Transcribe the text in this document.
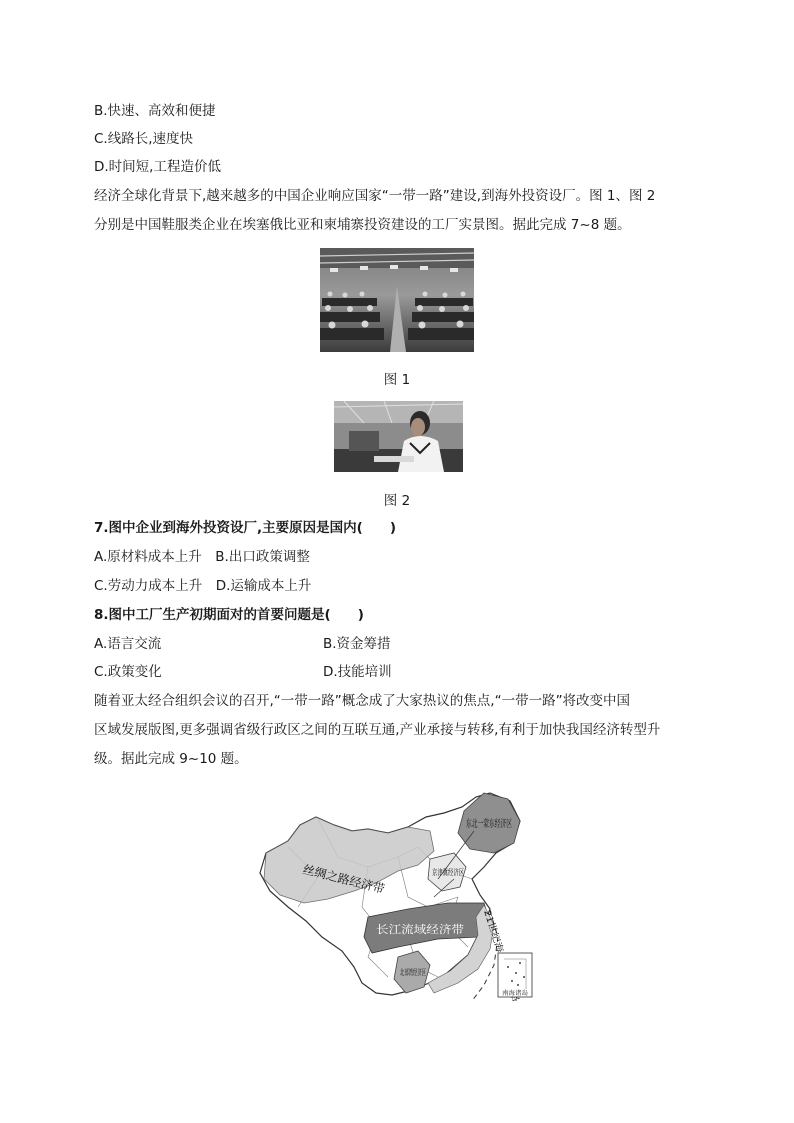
B.快速、高效和便捷
C.线路长,速度快
D.时间短,工程造价低
经济全球化背景下,越来越多的中国企业响应国家“一带一路”建设,到海外投资设厂。图 1、图 2
分别是中国鞋服类企业在埃塞俄比亚和柬埔寨投资建设的工厂实景图。据此完成 7~8 题。
图 1
图 2
7.图中企业到海外投资设厂,主要原因是国内(　　)
A.原材料成本上升　B.出口政策调整
C.劳动力成本上升　D.运输成本上升
8.图中工厂生产初期面对的首要问题是(　　)
A.语言交流	B.资金筹措
C.政策变化	D.技能培训
随着亚太经合组织会议的召开,“一带一路”概念成了大家热议的焦点,“一带一路”将改变中国
区域发展版图,更多强调省级行政区之间的互联互通,产业承接与转移,有利于加快我国经济转型升
级。据此完成 9~10 题。
丝绸之路经济带
东北一蒙东经济区
京津冀经济区
长江流域经济带
北部湾经济区	21世纪海上丝绸之路
南海诸岛
